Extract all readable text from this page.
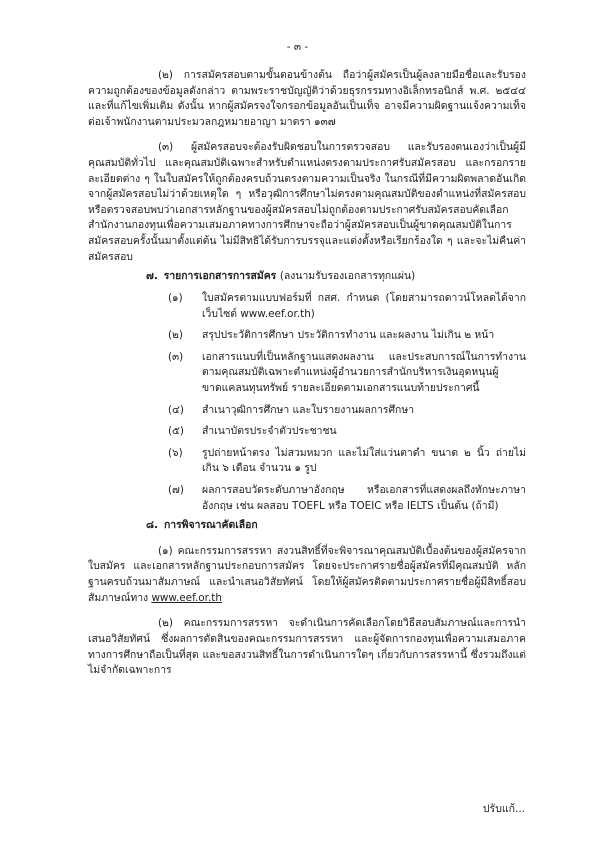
- ๓ -

(๒) การสมัครสอบตามขั้นตอนข้างต้น ถือว่าผู้สมัครเป็นผู้ลงลายมือชื่อและรับรองความถูกต้องของข้อมูลดังกล่าว ตามพระราชบัญญัติว่าด้วยธุรกรรมทางอิเล็กทรอนิกส์ พ.ศ. ๒๕๔๔ และที่แก้ไขเพิ่มเติม ดังนั้น หากผู้สมัครจงใจกรอกข้อมูลอันเป็นเท็จ อาจมีความผิดฐานแจ้งความเท็จต่อเจ้าพนักงานตามประมวลกฎหมายอาญา มาตรา ๑๓๗

(๓) ผู้สมัครสอบจะต้องรับผิดชอบในการตรวจสอบ และรับรองตนเองว่าเป็นผู้มีคุณสมบัติทั่วไป และคุณสมบัติเฉพาะสำหรับตำแหน่งตรงตามประกาศรับสมัครสอบ และกรอกรายละเอียดต่าง ๆ ในใบสมัครให้ถูกต้องครบถ้วนตรงตามความเป็นจริง ในกรณีที่มีความผิดพลาดอันเกิดจากผู้สมัครสอบไม่ว่าด้วยเหตุใด ๆ หรือวุฒิการศึกษาไม่ตรงตามคุณสมบัติของตำแหน่งที่สมัครสอบ หรือตรวจสอบพบว่าเอกสารหลักฐานของผู้สมัครสอบไม่ถูกต้องตามประกาศรับสมัครสอบคัดเลือก สำนักงานกองทุนเพื่อความเสมอภาคทางการศึกษาจะถือว่าผู้สมัครสอบเป็นผู้ขาดคุณสมบัติในการสมัครสอบครั้งนั้นมาตั้งแต่ต้น ไม่มีสิทธิได้รับการบรรจุและแต่งตั้งหรือเรียกร้องใด ๆ และจะไม่คืนค่าสมัครสอบ

๗. รายการเอกสารการสมัคร (ลงนามรับรองเอกสารทุกแผ่น)

(๑) ใบสมัครตามแบบฟอร์มที่ กสศ. กำหนด (โดยสามารถดาวน์โหลดได้จากเว็บไซต์ www.eef.or.th)
(๒) สรุปประวัติการศึกษา ประวัติการทำงาน และผลงาน ไม่เกิน ๒ หน้า
(๓) เอกสารแนบที่เป็นหลักฐานแสดงผลงาน และประสบการณ์ในการทำงานตามคุณสมบัติเฉพาะตำแหน่งผู้อำนวยการสำนักบริหารเงินอุดหนุนผู้ขาดแคลนทุนทรัพย์ รายละเอียดตามเอกสารแนบท้ายประกาศนี้
(๔) สำเนาวุฒิการศึกษา และใบรายงานผลการศึกษา
(๕) สำเนาบัตรประจำตัวประชาชน
(๖) รูปถ่ายหน้าตรง ไม่สวมหมวก และไม่ใส่แว่นตาดำ ขนาด ๒ นิ้ว ถ่ายไม่เกิน ๖ เดือน จำนวน ๑ รูป
(๗) ผลการสอบวัดระดับภาษาอังกฤษ หรือเอกสารที่แสดงผลถึงทักษะภาษาอังกฤษ เช่น ผลสอบ TOEFL หรือ TOEIC หรือ IELTS เป็นต้น (ถ้ามี)

๘. การพิจารณาคัดเลือก

(๑) คณะกรรมการสรรหา สงวนสิทธิ์ที่จะพิจารณาคุณสมบัติเบื้องต้นของผู้สมัครจากใบสมัคร และเอกสารหลักฐานประกอบการสมัคร โดยจะประกาศรายชื่อผู้สมัครที่มีคุณสมบัติ หลักฐานครบถ้วนมาสัมภาษณ์ และนำเสนอวิสัยทัศน์ โดยให้ผู้สมัครติดตามประกาศรายชื่อผู้มีสิทธิ์สอบสัมภาษณ์ทาง www.eef.or.th

(๒) คณะกรรมการสรรหา จะดำเนินการคัดเลือกโดยวิธีสอบสัมภาษณ์และการนำเสนอวิสัยทัศน์ ซึ่งผลการตัดสินของคณะกรรมการสรรหา และผู้จัดการกองทุนเพื่อความเสมอภาคทางการศึกษาถือเป็นที่สุด และขอสงวนสิทธิ์ในการดำเนินการใดๆ เกี่ยวกับการสรรหานี้ ซึ่งรวมถึงแต่ไม่จำกัดเฉพาะการ

ปรับแก้...
